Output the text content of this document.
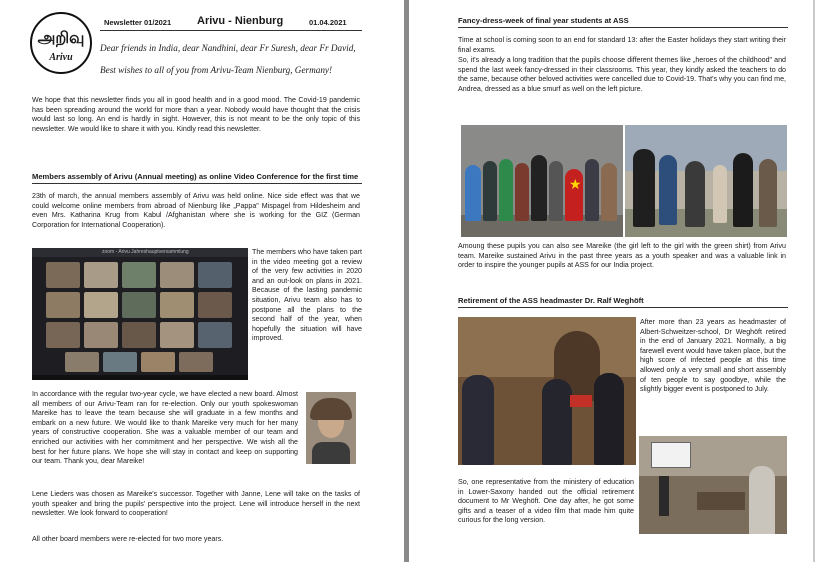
அறிவு
Arivu
Newsletter 01/2021 Arivu - Nienburg	01.04.2021
Dear friends in India, dear Nandhini, dear Fr Suresh, dear Fr David,
Best wishes to all of you from Arivu-Team Nienburg, Germany!
We hope that this newsletter finds you all in good health and in a good mood. The Covid-19 pandemic has been spreading around the world for more than a year. Nobody would have thought that the crisis would last so long. An end is hardly in sight. However, this is not meant to be the only topic of this newsletter. We would like to share it with you. Kindly read this newsletter.
Members assembly of Arivu (Annual meeting) as online Video Conference for the first time
23th of march, the annual members assembly of Arivu was held online. Nice side effect was that we could welcome online members from abroad of Nienburg like „Pappa" Mispagel from Hildesheim and even Mrs. Katharina Krug from Kabul /Afghanistan where she is working for the GIZ (German Corporation for International Cooperation).
zoom - Arivu Jahreshauptversammlung	The members who have taken part in the video meeting got a review of the very few activities in 2020 and an out-look on plans in 2021. Because of the lasting pandemic situation, Arivu team also has to postpone all the plans to the second half of the year, when hopefully the situation will have improved.
In accordance with the regular two-year cycle, we have elected a new board. Almost all members of our Arivu-Team ran for re-election. Only our youth spokeswoman Mareike has to leave the team because she will graduate in a few months and embark on a new future. We would like to thank Mareike very much for her many years of constructive cooperation. She was a valuable member of our team and enriched our activities with her commitment and her perspective. We wish all the best for her future plans. We hope she will stay in contact and keep on supporting our team. Thank you, dear Mareike!
Lene Lieders was chosen as Mareike's successor. Together with Janne, Lene will take on the tasks of youth speaker and bring the pupils' perspective into the project. Lene will introduce herself in the next newsletter. We look forward to cooperation!
All other board members were re-elected for two more years.
Fancy-dress-week of final year students at ASS
Time at school is coming soon to an end for standard 13: after the Easter holidays they start writing their final exams.
So, it's already a long tradition that the pupils choose different themes like „heroes of the childhood" and spend the last week fancy-dressed in their classrooms. This year, they kindly asked the teachers to do the same, because other beloved activities were cancelled due to Covid-19. That's why you can find me, Andrea, dressed as a blue smurf as well on the left picture.
★
Amoung these pupils you can also see Mareike (the girl left to the girl with the green shirt) from Arivu team. Mareike sustained Arivu in the past three years as a youth speaker and was a valuable link in order to inspire the younger pupils at ASS for our India project.
Retirement of the ASS headmaster Dr. Ralf Weghöft
After more than 23 years as headmaster of Albert-Schweitzer-school, Dr Weghöft retired in the end of January 2021. Normally, a big farewell event would have taken place, but the high score of infected people at this time allowed only a very small and short assembly of ten people to say goodbye, while the slightly bigger event is postponed to July.
So, one representative from the ministery of education in Lower-Saxony handed out the official retirement document to Mr Weghöft. One day after, he got some gifts and a teaser of a video film that made him quite curious for the long version.
